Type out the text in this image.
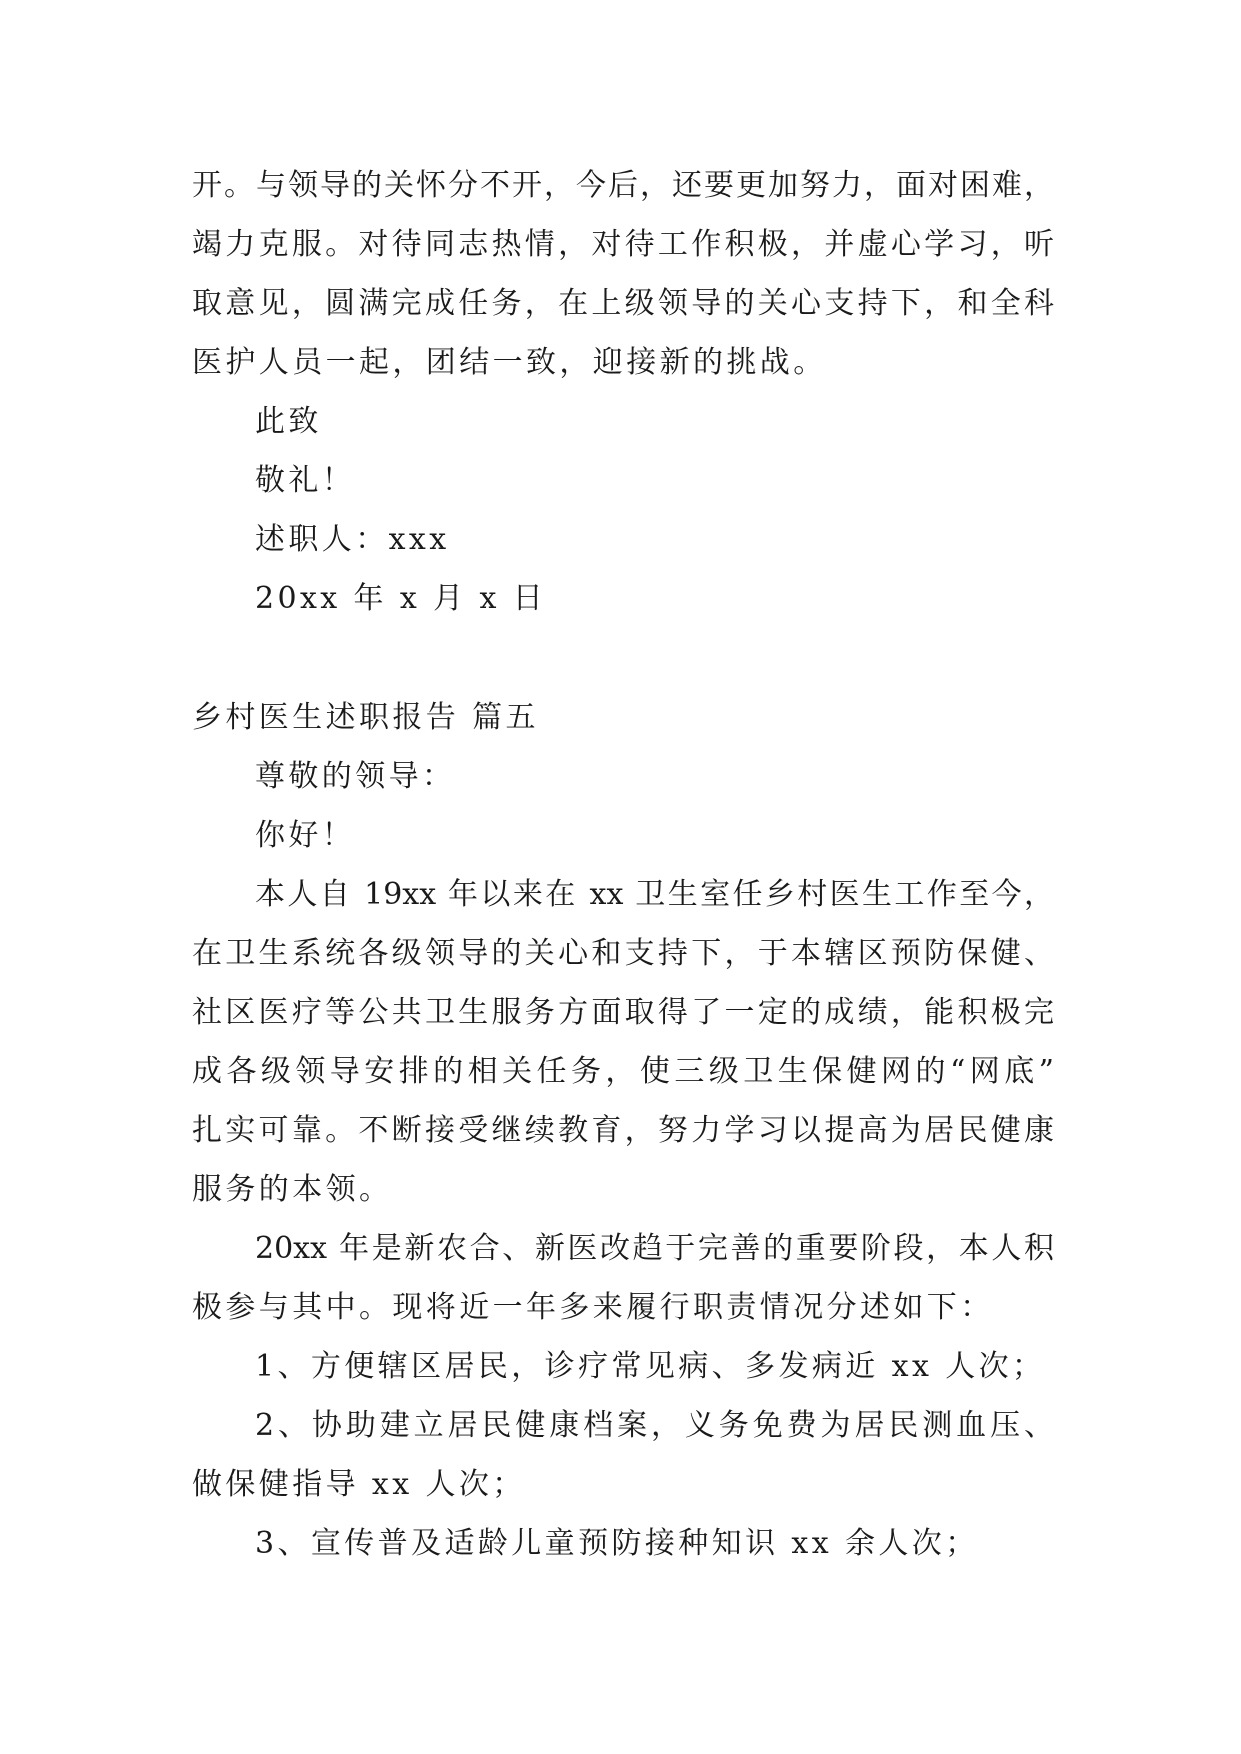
开。与领导的关怀分不开，今后，还要更加努力，面对困难，
竭力克服。对待同志热情，对待工作积极，并虚心学习，听
取意见，圆满完成任务，在上级领导的关心支持下，和全科
医护人员一起，团结一致，迎接新的挑战。
此致
敬礼！
述职人：xxx
20xx 年 x 月 x 日
乡村医生述职报告 篇五
尊敬的领导：
你好！
本人自 19xx 年以来在 xx 卫生室任乡村医生工作至今，
在卫生系统各级领导的关心和支持下，于本辖区预防保健、
社区医疗等公共卫生服务方面取得了一定的成绩，能积极完
成各级领导安排的相关任务，使三级卫生保健网的“网底”
扎实可靠。不断接受继续教育，努力学习以提高为居民健康
服务的本领。
20xx 年是新农合、新医改趋于完善的重要阶段，本人积
极参与其中。现将近一年多来履行职责情况分述如下：
1、方便辖区居民，诊疗常见病、多发病近 xx 人次；
2、协助建立居民健康档案，义务免费为居民测血压、
做保健指导 xx 人次；
3、宣传普及适龄儿童预防接种知识 xx 余人次；
